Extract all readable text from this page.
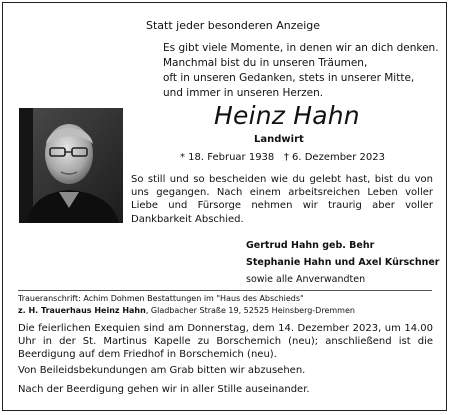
Statt jeder besonderen Anzeige
Es gibt viele Momente, in denen wir an dich denken.
Manchmal bist du in unseren Träumen,
oft in unseren Gedanken, stets in unserer Mitte,
und immer in unseren Herzen.
Heinz Hahn
Landwirt
* 18. Februar 1938   † 6. Dezember 2023

So still und so bescheiden wie du gelebt hast, bist du von uns gegangen. Nach einem arbeitsreichen Leben voller Liebe und Fürsorge nehmen wir traurig aber voller Dankbarkeit Abschied.

Gertrud Hahn geb. Behr
Stephanie Hahn und Axel Kürschner
sowie alle Anverwandten
Traueranschrift: Achim Dohmen Bestattungen im "Haus des Abschieds"
z. H. Trauerhaus Heinz Hahn, Gladbacher Straße 19, 52525 Heinsberg-Dremmen

Die feierlichen Exequien sind am Donnerstag, dem 14. Dezember 2023, um 14.00 Uhr in der St. Martinus Kapelle zu Borschemich (neu); anschließend ist die Beerdigung auf dem Friedhof in Borschemich (neu).

Von Beileidsbekundungen am Grab bitten wir abzusehen.
Nach der Beerdigung gehen wir in aller Stille auseinander.
